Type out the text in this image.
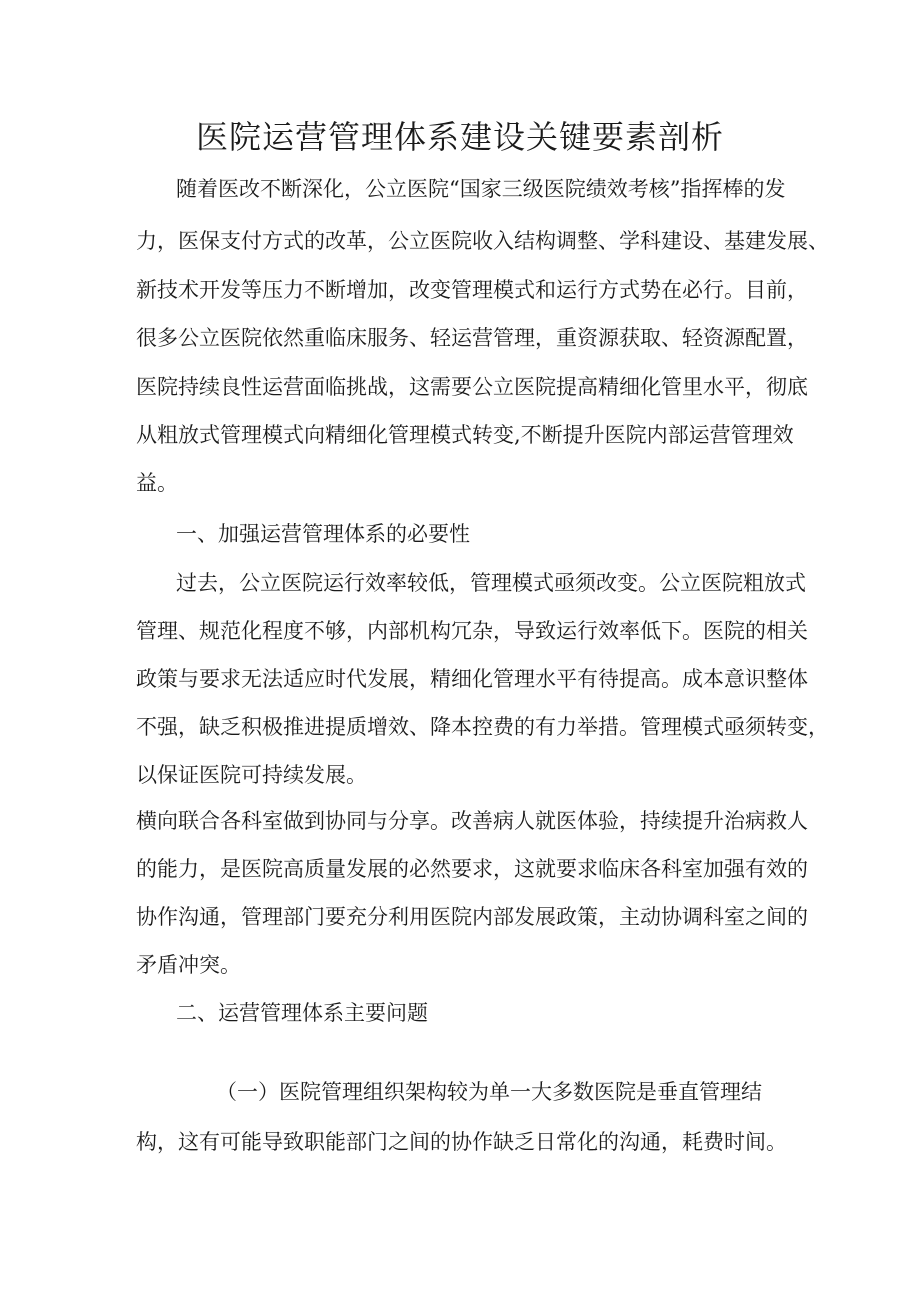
医院运营管理体系建设关键要素剖析
随着医改不断深化，公立医院“国家三级医院绩效考核”指挥棒的发
力，医保支付方式的改革，公立医院收入结构调整、学科建设、基建发展、
新技术开发等压力不断增加，改变管理模式和运行方式势在必行。目前，
很多公立医院依然重临床服务、轻运营管理，重资源获取、轻资源配置，
医院持续良性运营面临挑战，这需要公立医院提高精细化管里水平，彻底
从粗放式管理模式向精细化管理模式转变,不断提升医院内部运营管理效
益。
一、加强运营管理体系的必要性
过去，公立医院运行效率较低，管理模式亟须改变。公立医院粗放式
管理、规范化程度不够，内部机构冗杂，导致运行效率低下。医院的相关
政策与要求无法适应时代发展，精细化管理水平有待提高。成本意识整体
不强，缺乏积极推进提质增效、降本控费的有力举措。管理模式亟须转变，
以保证医院可持续发展。
横向联合各科室做到协同与分享。改善病人就医体验，持续提升治病救人
的能力，是医院高质量发展的必然要求，这就要求临床各科室加强有效的
协作沟通，管理部门要充分利用医院内部发展政策，主动协调科室之间的
矛盾冲突。
二、运营管理体系主要问题
（一）医院管理组织架构较为单一大多数医院是垂直管理结
构，这有可能导致职能部门之间的协作缺乏日常化的沟通，耗费时间。
